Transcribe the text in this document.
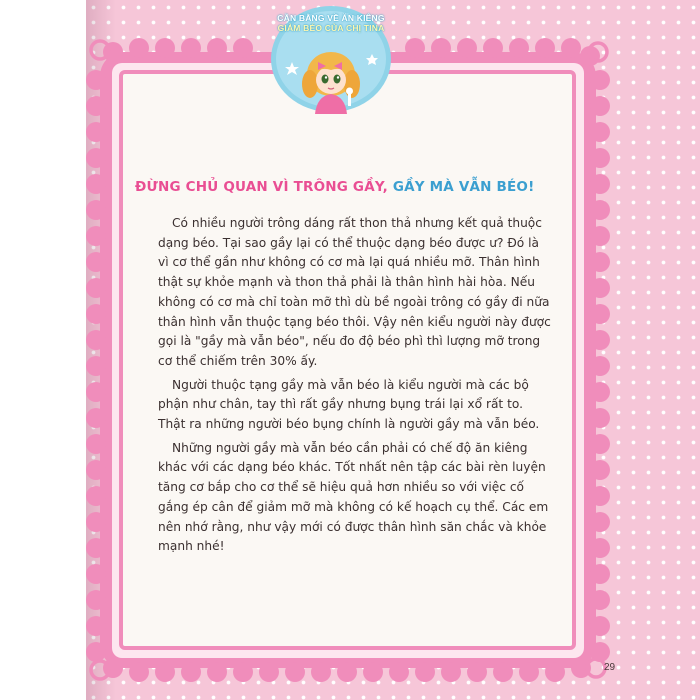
CẦN BẰNG VỀ ĂN KIÊNG
GIẢM BÉO CỦA CHỊ TINA
ĐỪNG CHỦ QUAN VÌ TRÔNG GẦY, GẦY MÀ VẪN BÉO!

Có nhiều người trông dáng rất thon thả nhưng kết quả thuộc dạng béo. Tại sao gầy lại có thể thuộc dạng béo được ư? Đó là vì cơ thể gần như không có cơ mà lại quá nhiều mỡ. Thân hình thật sự khỏe mạnh và thon thả phải là thân hình hài hòa. Nếu không có cơ mà chỉ toàn mỡ thì dù bề ngoài trông có gầy đi nữa thân hình vẫn thuộc tạng béo thôi. Vậy nên kiểu người này được gọi là "gầy mà vẫn béo", nếu đo độ béo phì thì lượng mỡ trong cơ thể chiếm trên 30% ấy.

Người thuộc tạng gầy mà vẫn béo là kiểu người mà các bộ phận như chân, tay thì rất gầy nhưng bụng trái lại xổ rất to. Thật ra những người béo bụng chính là người gầy mà vẫn béo.

Những người gầy mà vẫn béo cần phải có chế độ ăn kiêng khác với các dạng béo khác. Tốt nhất nên tập các bài rèn luyện tăng cơ bắp cho cơ thể sẽ hiệu quả hơn nhiều so với việc cố gắng ép cân để giảm mỡ mà không có kế hoạch cụ thể. Các em nên nhớ rằng, như vậy mới có được thân hình săn chắc và khỏe mạnh nhé!

29
